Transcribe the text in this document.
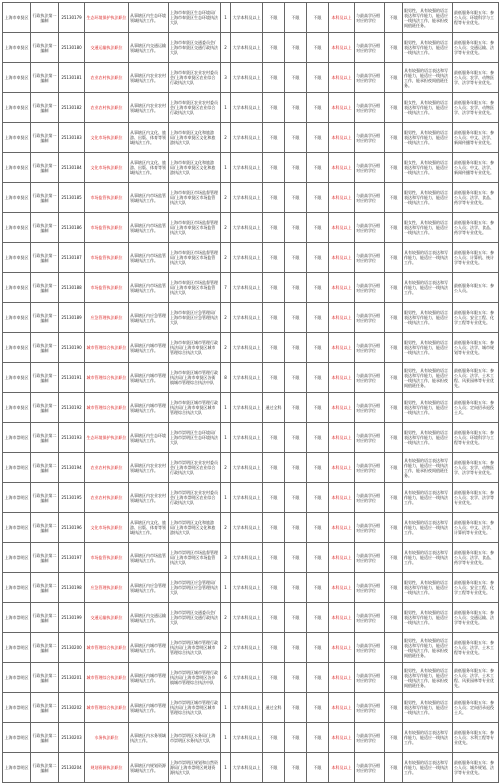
上海市奉贤区	行政执法第一编制	25130179	生态环境保护执法职位	从事辖区内生态环境领域执法工作。	上海市奉贤区生态环境局/上海市奉贤区生态环境执法大队	1	大学本科及以上	不限	不限	不限	本科及以上	与最高学历相对应的学位	不限	限男性，具有较强的语言表达和写作能力，能适应一线执法工作，能承担夜间值班任务。	最低服务年限五年；参公人员；环境科学与工程等专业优先。
上海市奉贤区	行政执法第一编制	25130180	交通运输执法职位	从事辖区内交通运输领域执法工作。	上海市奉贤区交通委员会/上海市奉贤区交通行政执法大队	2	大学本科及以上	不限	不限	不限	本科及以上	与最高学历相对应的学位	不限	限男性，具有较强的语言表达和写作能力，能适应一线执法工作。	最低服务年限五年；参公人员；交通运输、法学等专业优先。
上海市奉贤区	行政执法第一编制	25130181	农业农村执法职位	从事辖区内农业农村领域执法工作。	上海市奉贤区农业农村委员会/上海市奉贤区农业综合行政执法大队	3	大学本科及以上	不限	不限	不限	本科及以上	与最高学历相对应的学位	不限	具有较强的语言表达和写作能力，能适应一线执法工作，能承担夜间值班任务。	最低服务年限五年；参公人员；农学、动物医学、法学等专业优先。
上海市奉贤区	行政执法第一编制	25130182	农业农村执法职位	从事辖区内农业农村领域执法工作。	上海市奉贤区农业农村委员会/上海市奉贤区农业综合行政执法大队	1	大学本科及以上	不限	不限	不限	本科及以上	与最高学历相对应的学位	不限	限女性，具有较强的语言表达和写作能力，能适应一线执法工作。	最低服务年限五年；参公人员；农学、动物医学、法学等专业优先。
上海市奉贤区	行政执法第一编制	25130183	文化市场执法职位	从事辖区内文化、旅游、出版、体育等领域执法工作。	上海市奉贤区文化和旅游局/上海市奉贤区文化和旅游执法大队	2	大学本科及以上	不限	不限	不限	本科及以上	与最高学历相对应的学位	不限	限男性，具有较强的语言表达和写作能力，能适应一线执法工作。	最低服务年限五年；参公人员；中文、法学、新闻传播等专业优先。
上海市奉贤区	行政执法第一编制	25130184	文化市场执法职位	从事辖区内文化、旅游、出版、体育等领域执法工作。	上海市奉贤区文化和旅游局/上海市奉贤区文化和旅游执法大队	1	大学本科及以上	不限	不限	不限	本科及以上	与最高学历相对应的学位	不限	限女性，具有较强的语言表达和写作能力，能适应一线执法工作。	最低服务年限五年；参公人员；中文、法学、新闻传播等专业优先。
上海市奉贤区	行政执法第一编制	25130185	市场监管执法职位	从事辖区内市场监管领域执法工作。	上海市奉贤区市场监督管理局/上海市奉贤区市场监管执法大队	2	大学本科及以上	不限	不限	不限	本科及以上	与最高学历相对应的学位	不限	限男性，具有较强的语言表达和写作能力，能适应一线执法工作。	最低服务年限五年；参公人员；法学、食品、药学等专业优先。
上海市奉贤区	行政执法第一编制	25130186	市场监管执法职位	从事辖区内市场监管领域执法工作。	上海市奉贤区市场监督管理局/上海市奉贤区市场监管执法大队	2	大学本科及以上	不限	不限	不限	本科及以上	与最高学历相对应的学位	不限	限女性，具有较强的语言表达和写作能力，能适应一线执法工作。	最低服务年限五年；参公人员；法学、食品、药学等专业优先。
上海市奉贤区	行政执法第一编制	25130187	市场监管执法职位	从事辖区内市场监管领域执法工作。	上海市奉贤区市场监督管理局/上海市奉贤区市场监管执法大队	2	大学本科及以上	不限	不限	不限	本科及以上	与最高学历相对应的学位	不限	具有较强的语言表达和写作能力，能适应一线执法工作。	最低服务年限五年；参公人员；计算机、统计学等专业优先。
上海市奉贤区	行政执法第一编制	25130188	市场监管执法职位	从事辖区内市场监管领域执法工作。	上海市奉贤区市场监督管理局/上海市奉贤区市场监管执法大队	7	大学本科及以上	不限	不限	不限	本科及以上	与最高学历相对应的学位	不限	具有较强的语言表达和写作能力，能适应一线执法工作。	最低服务年限五年；参公人员。
上海市奉贤区	行政执法第一编制	25130189	应急管理执法职位	从事辖区内应急管理领域执法工作。	上海市奉贤区应急管理局/上海市奉贤区应急管理执法大队	2	大学本科及以上	不限	不限	不限	本科及以上	与最高学历相对应的学位	不限	限男性，具有较强的语言表达和写作能力，能适应一线执法工作。	最低服务年限五年；参公人员；安全工程、化学工程等专业优先。
上海市奉贤区	行政执法第一编制	25130190	城市管理综合执法职位	从事辖区内城市管理领域执法工作。	上海市奉贤区城市管理行政执法局/上海市奉贤区城市管理综合执法大队	2	大学本科及以上	不限	不限	不限	本科及以上	与最高学历相对应的学位	不限	限男性，具有较强的语言表达和写作能力，能适应一线执法工作。	最低服务年限五年；参公人员；法学、城市规划等专业优先。
上海市奉贤区	行政执法第一编制	25130191	城市管理综合执法职位	从事辖区内城市管理领域执法工作。	上海市奉贤区城市管理行政执法局/上海市奉贤区各街镇城市管理综合执法中队	8	大学本科及以上	不限	不限	不限	本科及以上	与最高学历相对应的学位	不限	限男性，具有较强的语言表达和写作能力，能适应一线执法工作，能承担夜间值班任务。	最低服务年限五年；参公人员；法学、土木工程、风景园林等专业优先。
上海市奉贤区	行政执法第一编制	25130192	城市管理综合执法职位	从事辖区内城市管理领域执法工作。	上海市奉贤区城市管理行政执法局/上海市奉贤区城市管理综合执法大队	1	大学本科及以上	通过全科	不限	不限	本科及以上	与最高学历相对应的学位	不限	限男性，具有较强的语言表达和写作能力，能适应一线执法工作。	最低服务年限五年；参公人员；定向招录退役士兵。
上海市崇明区	行政执法第二编制	25130193	生态环境保护执法职位	从事辖区内生态环境领域执法工作。	上海市崇明区生态环境局/上海市崇明区生态环境执法大队	1	大学本科及以上	不限	不限	不限	本科及以上	与最高学历相对应的学位	不限	限男性，具有较强的语言表达和写作能力，能适应一线执法工作。	最低服务年限五年；参公人员；环境科学与工程等专业优先。
上海市崇明区	行政执法第二编制	25130194	农业农村执法职位	从事辖区内农业农村领域执法工作。	上海市崇明区农业农村委员会/上海市崇明区农业综合行政执法大队	2	大学本科及以上	不限	不限	不限	本科及以上	与最高学历相对应的学位	不限	具有较强的语言表达和写作能力，能适应一线执法工作，能承担夜间值班任务。	最低服务年限五年；参公人员；农学、动物医学、法学等专业优先。
上海市崇明区	行政执法第二编制	25130195	农业农村执法职位	从事辖区内农业农村领域执法工作。	上海市崇明区农业农村委员会/上海市崇明区农业综合行政执法大队	1	大学本科及以上	不限	不限	不限	本科及以上	与最高学历相对应的学位	不限	具有较强的语言表达和写作能力，能适应一线执法工作。	最低服务年限五年；参公人员；农学、法学等专业优先。
上海市崇明区	行政执法第二编制	25130196	文化市场执法职位	从事辖区内文化、旅游、出版、体育等领域执法工作。	上海市崇明区文化和旅游局/上海市崇明区文化和旅游执法大队	2	大学本科及以上	不限	不限	不限	本科及以上	与最高学历相对应的学位	不限	具有较强的语言表达和写作能力，能适应一线执法工作。	最低服务年限五年；参公人员；中文、法学、计算机等专业优先。
上海市崇明区	行政执法第二编制	25130197	市场监管执法职位	从事辖区内市场监管领域执法工作。	上海市崇明区市场监督管理局/上海市崇明区市场监管执法大队	3	大学本科及以上	不限	不限	不限	本科及以上	与最高学历相对应的学位	不限	具有较强的语言表达和写作能力，能适应一线执法工作。	最低服务年限五年；参公人员；法学、食品、药学等专业优先。
上海市崇明区	行政执法第二编制	25130198	应急管理执法职位	从事辖区内应急管理领域执法工作。	上海市崇明区应急管理局/上海市崇明区应急管理执法大队	1	大学本科及以上	不限	不限	不限	本科及以上	与最高学历相对应的学位	不限	限男性，具有较强的语言表达和写作能力，能适应一线执法工作。	最低服务年限五年；参公人员；安全工程、化学工程等专业优先。
上海市崇明区	行政执法第二编制	25130199	交通运输执法职位	从事辖区内交通运输领域执法工作。	上海市崇明区交通委员会/上海市崇明区交通行政执法大队	2	大学本科及以上	不限	不限	不限	本科及以上	与最高学历相对应的学位	不限	限男性，具有较强的语言表达和写作能力，能适应一线执法工作。	最低服务年限五年；参公人员；交通运输、法学等专业优先。
上海市崇明区	行政执法第二编制	25130200	城市管理综合执法职位	从事辖区内城市管理领域执法工作。	上海市崇明区城市管理行政执法局/上海市崇明区城市管理综合执法大队	2	大学本科及以上	不限	不限	不限	本科及以上	与最高学历相对应的学位	不限	限男性，具有较强的语言表达和写作能力，能适应一线执法工作，能承担夜间值班任务。	最低服务年限五年；参公人员；法学、土木工程等专业优先。
上海市崇明区	行政执法第二编制	25130201	城市管理综合执法职位	从事辖区内城市管理领域执法工作。	上海市崇明区城市管理行政执法局/上海市崇明区各乡镇城市管理综合执法中队	6	大学本科及以上	不限	不限	不限	本科及以上	与最高学历相对应的学位	不限	限男性，具有较强的语言表达和写作能力，能适应一线执法工作，能承担夜间值班任务。	最低服务年限五年；参公人员；法学、土木工程、风景园林等专业优先。
上海市崇明区	行政执法第二编制	25130202	城市管理综合执法职位	从事辖区内城市管理领域执法工作。	上海市崇明区城市管理行政执法局/上海市崇明区城市管理综合执法大队	1	大学本科及以上	通过全科	不限	不限	本科及以上	与最高学历相对应的学位	不限	限男性，具有较强的语言表达和写作能力，能适应一线执法工作。	最低服务年限五年；参公人员；定向招录退役士兵。
上海市崇明区	行政执法第二编制	25130203	水务执法职位	从事辖区内水务领域执法工作。	上海市崇明区水务局/上海市崇明区水务执法大队	1	大学本科及以上	不限	不限	不限	本科及以上	与最高学历相对应的学位	不限	具有较强的语言表达和写作能力，能适应一线执法工作。	最低服务年限五年；参公人员；水利工程等专业优先。
上海市崇明区	行政执法第二编制	25130204	规划资源执法职位	从事辖区内规划资源领域执法工作。	上海市崇明区规划和自然资源局/上海市崇明区规划资源执法大队	1	大学本科及以上	不限	不限	不限	本科及以上	与最高学历相对应的学位	不限	具有较强的语言表达和写作能力，能适应一线执法工作。	最低服务年限五年；参公人员；城乡规划、法学等专业优先。
